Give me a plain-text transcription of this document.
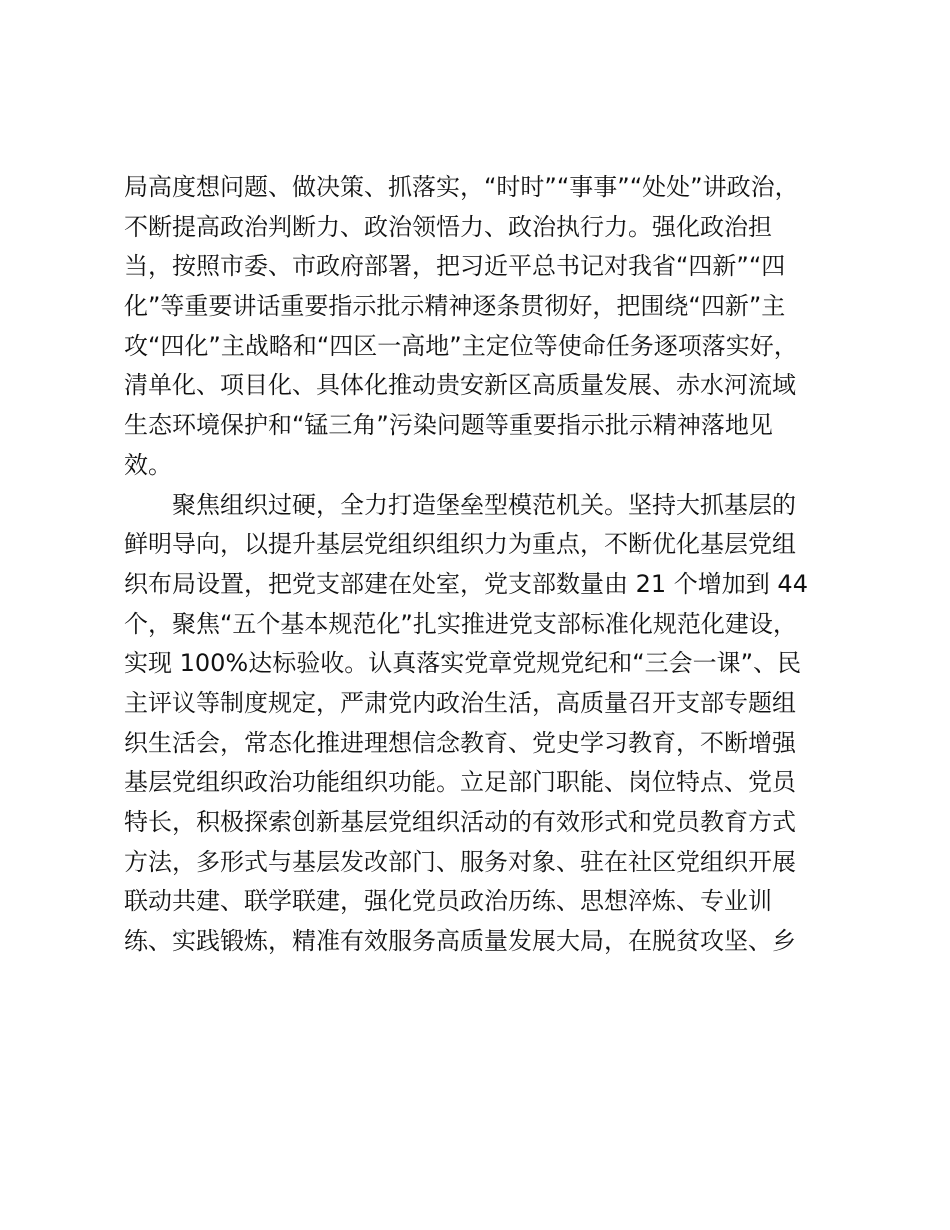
局高度想问题、做决策、抓落实，“时时”“事事”“处处”讲政治，
不断提高政治判断力、政治领悟力、政治执行力。强化政治担
当，按照市委、市政府部署，把习近平总书记对我省“四新”“四
化”等重要讲话重要指示批示精神逐条贯彻好，把围绕“四新”主
攻“四化”主战略和“四区一高地”主定位等使命任务逐项落实好，
清单化、项目化、具体化推动贵安新区高质量发展、赤水河流域
生态环境保护和“锰三角”污染问题等重要指示批示精神落地见
效。
聚焦组织过硬，全力打造堡垒型模范机关。坚持大抓基层的
鲜明导向，以提升基层党组织组织力为重点，不断优化基层党组
织布局设置，把党支部建在处室，党支部数量由 21 个增加到 44
个，聚焦“五个基本规范化”扎实推进党支部标准化规范化建设，
实现 100%达标验收。认真落实党章党规党纪和“三会一课”、民
主评议等制度规定，严肃党内政治生活，高质量召开支部专题组
织生活会，常态化推进理想信念教育、党史学习教育，不断增强
基层党组织政治功能组织功能。立足部门职能、岗位特点、党员
特长，积极探索创新基层党组织活动的有效形式和党员教育方式
方法，多形式与基层发改部门、服务对象、驻在社区党组织开展
联动共建、联学联建，强化党员政治历练、思想淬炼、专业训
练、实践锻炼，精准有效服务高质量发展大局，在脱贫攻坚、乡
